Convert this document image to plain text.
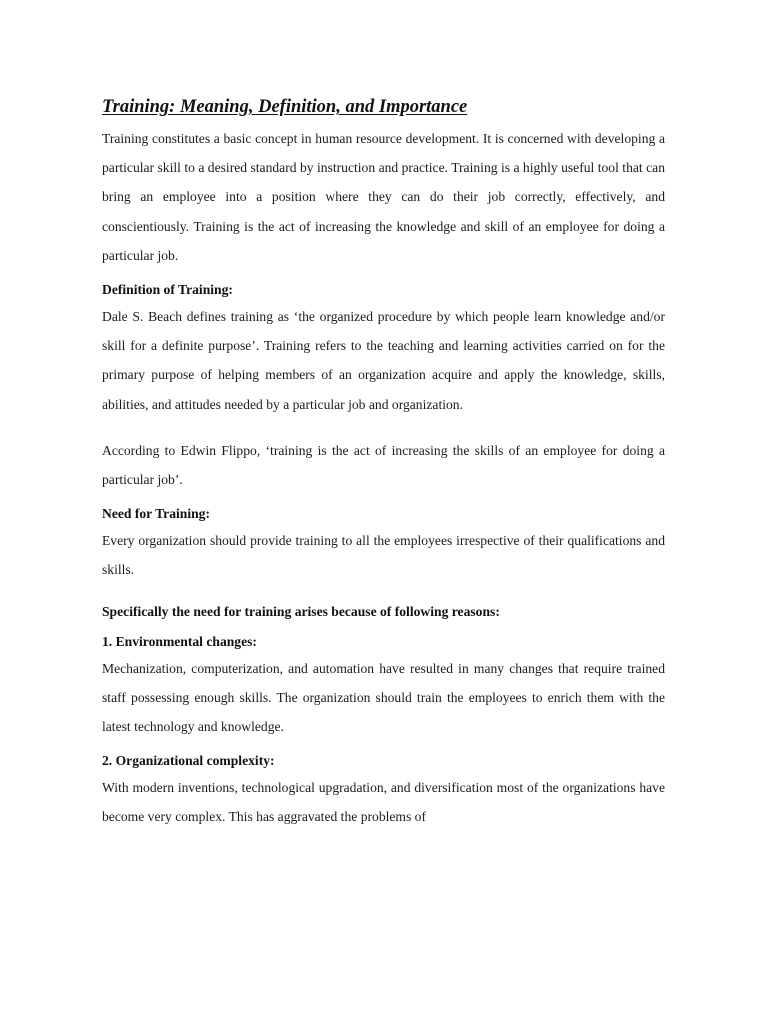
Training: Meaning, Definition, and Importance

Training constitutes a basic concept in human resource development. It is concerned with developing a particular skill to a desired standard by instruction and practice. Training is a highly useful tool that can bring an employee into a position where they can do their job correctly, effectively, and conscientiously. Training is the act of increasing the knowledge and skill of an employee for doing a particular job.

Definition of Training:

Dale S. Beach defines training as ‘the organized procedure by which people learn knowledge and/or skill for a definite purpose’. Training refers to the teaching and learning activities carried on for the primary purpose of helping members of an organization acquire and apply the knowledge, skills, abilities, and attitudes needed by a particular job and organization.

According to Edwin Flippo, ‘training is the act of increasing the skills of an employee for doing a particular job’.

Need for Training:

Every organization should provide training to all the employees irrespective of their qualifications and skills.

Specifically the need for training arises because of following reasons:
1. Environmental changes:

Mechanization, computerization, and automation have resulted in many changes that require trained staff possessing enough skills. The organization should train the employees to enrich them with the latest technology and knowledge.

2. Organizational complexity:

With modern inventions, technological upgradation, and diversification most of the organizations have become very complex. This has aggravated the problems of
